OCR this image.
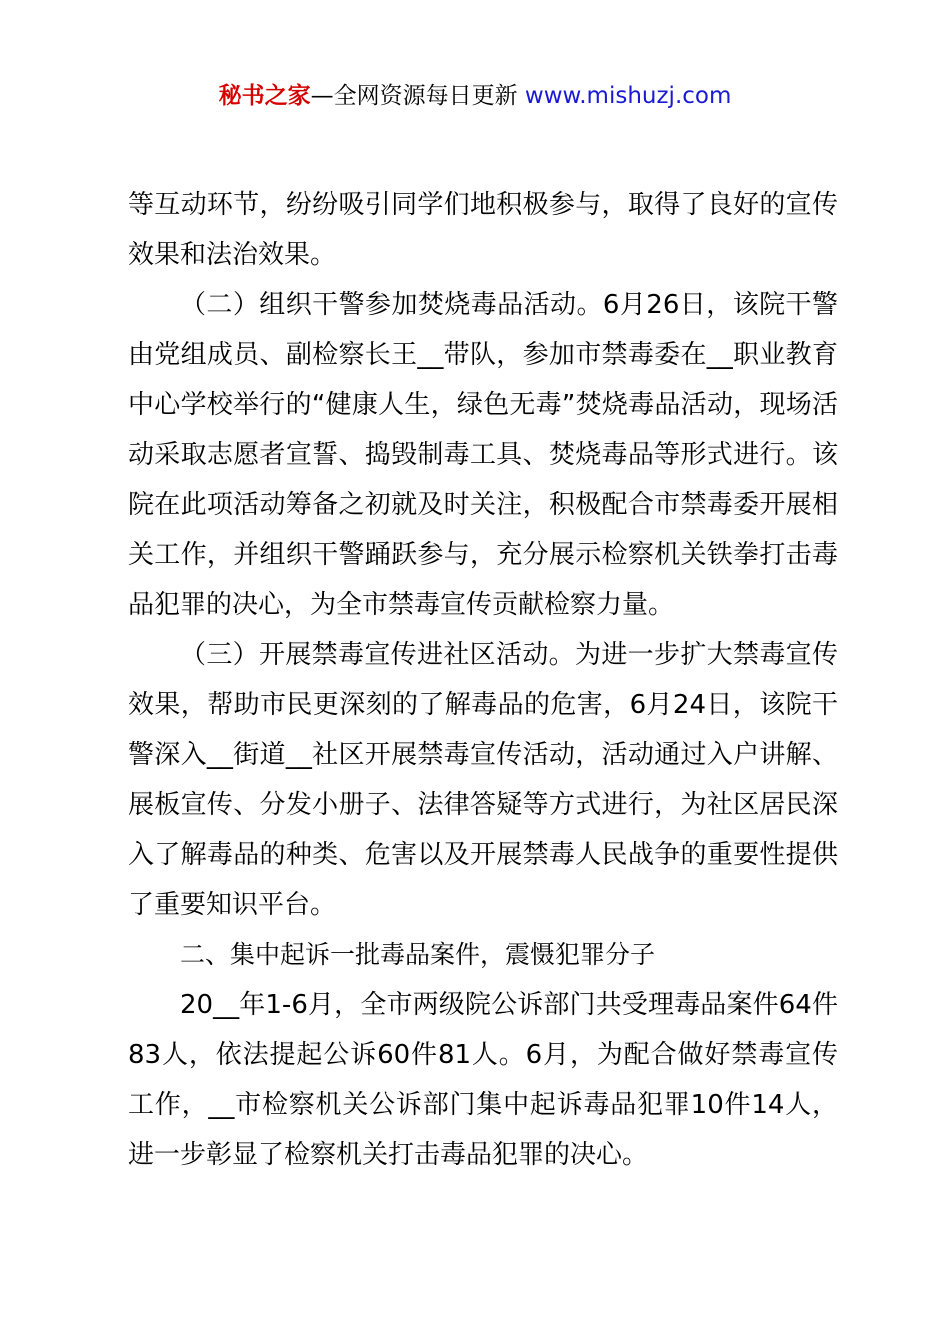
秘书之家—全网资源每日更新 www.mishuzj.com

等互动环节，纷纷吸引同学们地积极参与，取得了良好的宣传效果和法治效果。

（二）组织干警参加焚烧毒品活动。6月26日，该院干警由党组成员、副检察长王__带队，参加市禁毒委在__职业教育中心学校举行的“健康人生，绿色无毒”焚烧毒品活动，现场活动采取志愿者宣誓、捣毁制毒工具、焚烧毒品等形式进行。该院在此项活动筹备之初就及时关注，积极配合市禁毒委开展相关工作，并组织干警踊跃参与，充分展示检察机关铁拳打击毒品犯罪的决心，为全市禁毒宣传贡献检察力量。

（三）开展禁毒宣传进社区活动。为进一步扩大禁毒宣传效果，帮助市民更深刻的了解毒品的危害，6月24日，该院干警深入__街道__社区开展禁毒宣传活动，活动通过入户讲解、展板宣传、分发小册子、法律答疑等方式进行，为社区居民深入了解毒品的种类、危害以及开展禁毒人民战争的重要性提供了重要知识平台。

二、集中起诉一批毒品案件，震慑犯罪分子

20__年1-6月，全市两级院公诉部门共受理毒品案件64件83人，依法提起公诉60件81人。6月，为配合做好禁毒宣传工作，__市检察机关公诉部门集中起诉毒品犯罪10件14人，进一步彰显了检察机关打击毒品犯罪的决心。
